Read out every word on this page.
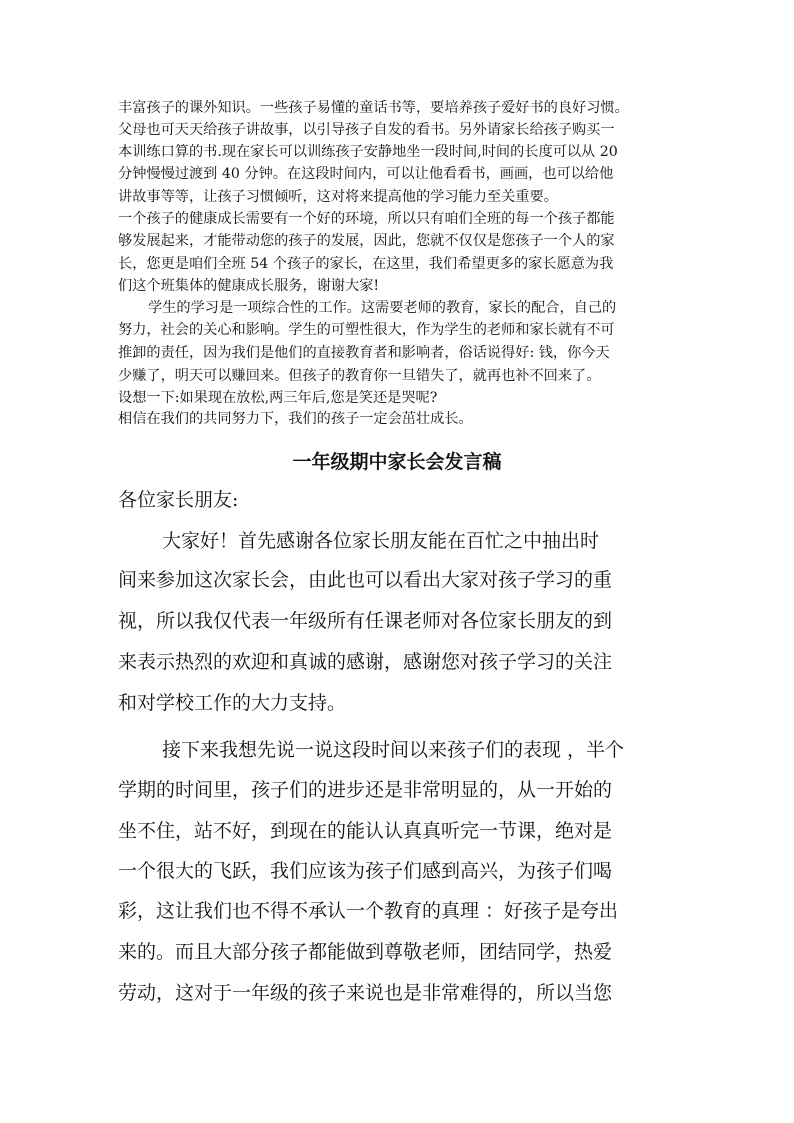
丰富孩子的课外知识。一些孩子易懂的童话书等，要培养孩子爱好书的良好习惯。
父母也可天天给孩子讲故事，以引导孩子自发的看书。另外请家长给孩子购买一
本训练口算的书.现在家长可以训练孩子安静地坐一段时间,时间的长度可以从 20
分钟慢慢过渡到 40 分钟。在这段时间内，可以让他看看书，画画，也可以给他
讲故事等等，让孩子习惯倾听，这对将来提高他的学习能力至关重要。
一个孩子的健康成长需要有一个好的环境，所以只有咱们全班的每一个孩子都能
够发展起来，才能带动您的孩子的发展，因此，您就不仅仅是您孩子一个人的家
长，您更是咱们全班 54 个孩子的家长，在这里，我们希望更多的家长愿意为我
们这个班集体的健康成长服务，谢谢大家!
学生的学习是一项综合性的工作。这需要老师的教育，家长的配合，自己的
努力，社会的关心和影响。学生的可塑性很大，作为学生的老师和家长就有不可
推卸的责任，因为我们是他们的直接教育者和影响者，俗话说得好: 钱，你今天
少赚了，明天可以赚回来。但孩子的教育你一旦错失了，就再也补不回来了。
设想一下:如果现在放松,两三年后,您是笑还是哭呢?
相信在我们的共同努力下，我们的孩子一定会茁壮成长。
一年级期中家长会发言稿
各位家长朋友:
大家好！首先感谢各位家长朋友能在百忙之中抽出时
间来参加这次家长会，由此也可以看出大家对孩子学习的重
视，所以我仅代表一年级所有任课老师对各位家长朋友的到
来表示热烈的欢迎和真诚的感谢，感谢您对孩子学习的关注
和对学校工作的大力支持。
接下来我想先说一说这段时间以来孩子们的表现 ，半个
学期的时间里，孩子们的进步还是非常明显的，从一开始的
坐不住，站不好，到现在的能认认真真听完一节课，绝对是
一个很大的飞跃，我们应该为孩子们感到高兴，为孩子们喝
彩，这让我们也不得不承认一个教育的真理 ：好孩子是夸出
来的。而且大部分孩子都能做到尊敬老师，团结同学，热爱
劳动，这对于一年级的孩子来说也是非常难得的，所以当您
